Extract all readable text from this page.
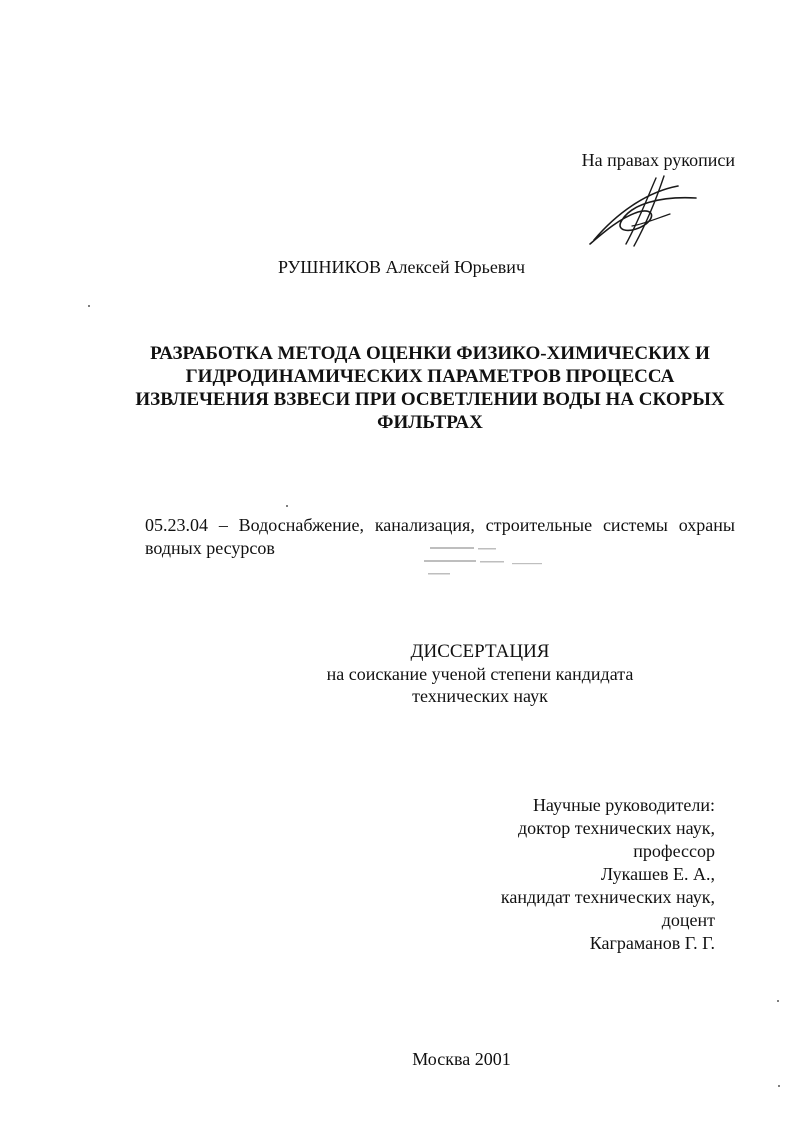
На правах рукописи
РУШНИКОВ Алексей Юрьевич
РАЗРАБОТКА МЕТОДА ОЦЕНКИ ФИЗИКО-ХИМИЧЕСКИХ И
ГИДРОДИНАМИЧЕСКИХ ПАРАМЕТРОВ ПРОЦЕССА
ИЗВЛЕЧЕНИЯ ВЗВЕСИ ПРИ ОСВЕТЛЕНИИ ВОДЫ НА СКОРЫХ
ФИЛЬТРАХ
05.23.04 – Водоснабжение, канализация, строительные системы охраны
водных ресурсов
ДИССЕРТАЦИЯ
на соискание ученой степени кандидата
технических наук
Научные руководители:
доктор технических наук,
профессор
Лукашев Е. А.,
кандидат технических наук,
доцент
Каграманов Г. Г.
Москва 2001
